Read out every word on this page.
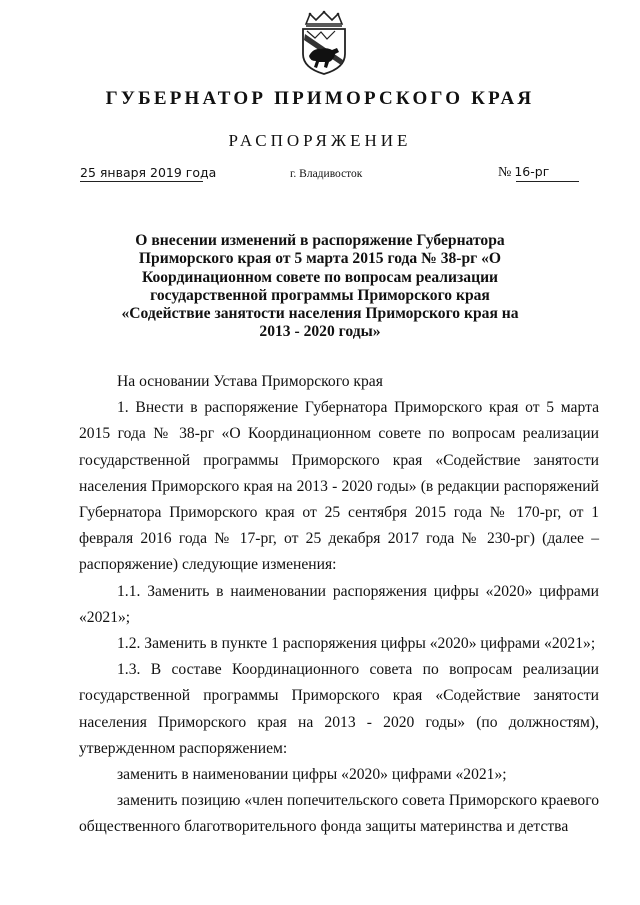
ГУБЕРНАТОР ПРИМОРСКОГО КРАЯ
РАСПОРЯЖЕНИЕ
25 января 2019 года	г. Владивосток	№ 16-рг
О внесении изменений в распоряжение Губернатора Приморского края от 5 марта 2015 года № 38-рг «О Координационном совете по вопросам реализации государственной программы Приморского края «Содействие занятости населения Приморского края на 2013 - 2020 годы»

На основании Устава Приморского края

1. Внести в распоряжение Губернатора Приморского края от 5 марта 2015 года № 38-рг «О Координационном совете по вопросам реализации государственной программы Приморского края «Содействие занятости населения Приморского края на 2013 - 2020 годы» (в редакции распоряжений Губернатора Приморского края от 25 сентября 2015 года № 170-рг, от 1 февраля 2016 года № 17-рг, от 25 декабря 2017 года № 230-рг) (далее – распоряжение) следующие изменения:

1.1. Заменить в наименовании распоряжения цифры «2020» цифрами «2021»;

1.2. Заменить в пункте 1 распоряжения цифры «2020» цифрами «2021»;

1.3. В составе Координационного совета по вопросам реализации государственной программы Приморского края «Содействие занятости населения Приморского края на 2013 - 2020 годы» (по должностям), утвержденном распоряжением:

заменить в наименовании цифры «2020» цифрами «2021»;

заменить позицию «член попечительского совета Приморского краевого общественного благотворительного фонда защиты материнства и детства
